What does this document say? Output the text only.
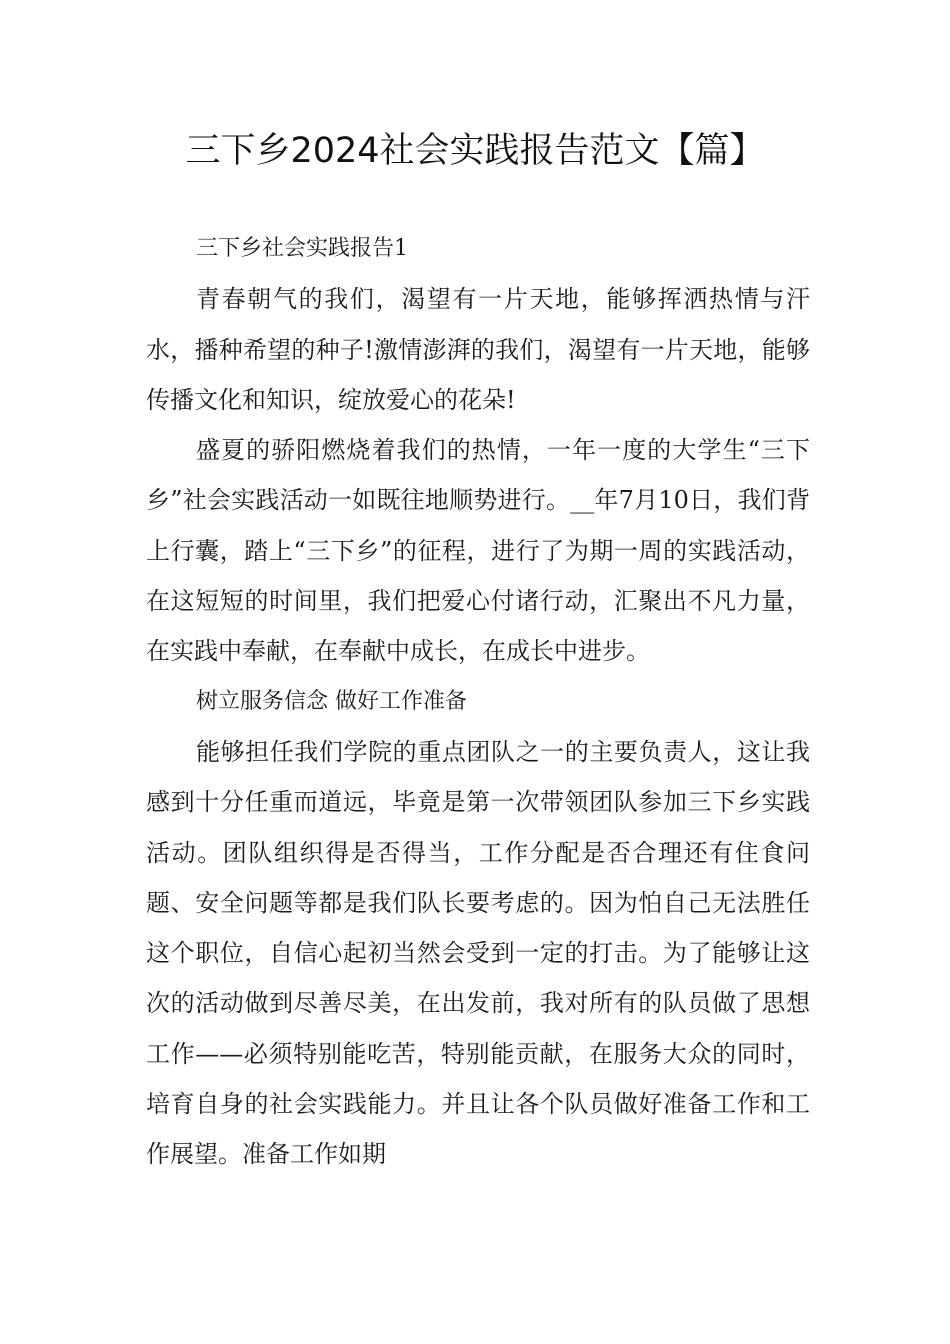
三下乡2024社会实践报告范文【篇】

三下乡社会实践报告1

青春朝气的我们，渴望有一片天地，能够挥洒热情与汗水，播种希望的种子!激情澎湃的我们，渴望有一片天地，能够传播文化和知识，绽放爱心的花朵!

盛夏的骄阳燃烧着我们的热情，一年一度的大学生“三下乡”社会实践活动一如既往地顺势进行。__年7月10日，我们背上行囊，踏上“三下乡”的征程，进行了为期一周的实践活动，在这短短的时间里，我们把爱心付诸行动，汇聚出不凡力量，在实践中奉献，在奉献中成长，在成长中进步。

树立服务信念 做好工作准备

能够担任我们学院的重点团队之一的主要负责人，这让我感到十分任重而道远，毕竟是第一次带领团队参加三下乡实践活动。团队组织得是否得当，工作分配是否合理还有住食问题、安全问题等都是我们队长要考虑的。因为怕自己无法胜任这个职位，自信心起初当然会受到一定的打击。为了能够让这次的活动做到尽善尽美，在出发前，我对所有的队员做了思想工作——必须特别能吃苦，特别能贡献，在服务大众的同时，培育自身的社会实践能力。并且让各个队员做好准备工作和工作展望。准备工作如期
